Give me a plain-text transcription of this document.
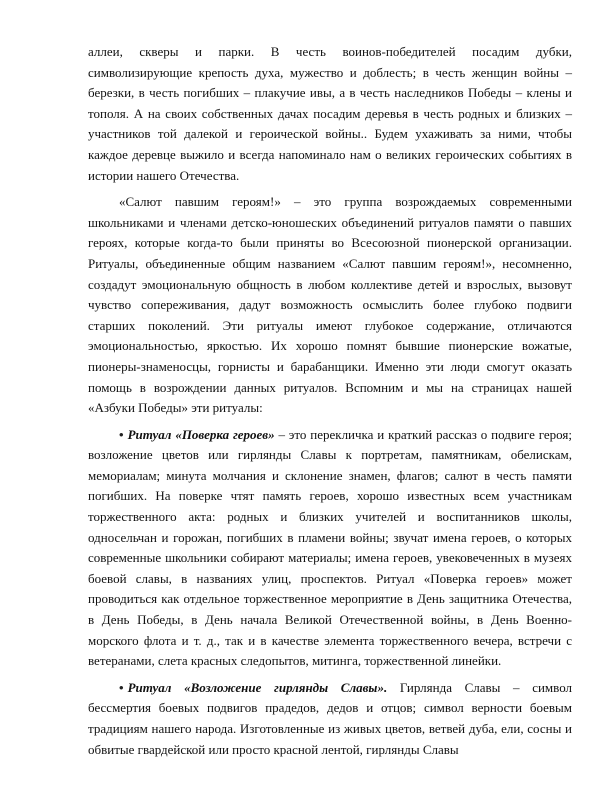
аллеи, скверы и парки. В честь воинов-победителей посадим дубки, символизирующие крепость духа, мужество и доблесть; в честь женщин войны – березки, в честь погибших – плакучие ивы, а в честь наследников Победы – клены и тополя. А на своих собственных дачах посадим деревья в честь родных и близких – участников той далекой и героической войны.. Будем ухаживать за ними, чтобы каждое деревце выжило и всегда напоминало нам о великих героических событиях в истории нашего Отечества.

«Салют павшим героям!» – это группа возрождаемых современными школьниками и членами детско-юношеских объединений ритуалов памяти о павших героях, которые когда-то были приняты во Всесоюзной пионерской организации. Ритуалы, объединенные общим названием «Салют павшим героям!», несомненно, создадут эмоциональную общность в любом коллективе детей и взрослых, вызовут чувство сопереживания, дадут возможность осмыслить более глубоко подвиги старших поколений. Эти ритуалы имеют глубокое содержание, отличаются эмоциональностью, яркостью. Их хорошо помнят бывшие пионерские вожатые, пионеры-знаменосцы, горнисты и барабанщики. Именно эти люди смогут оказать помощь в возрождении данных ритуалов. Вспомним и мы на страницах нашей «Азбуки Победы» эти ритуалы:

• Ритуал «Поверка героев» – это перекличка и краткий рассказ о подвиге героя; возложение цветов или гирлянды Славы к портретам, памятникам, обелискам, мемориалам; минута молчания и склонение знамен, флагов; салют в честь памяти погибших. На поверке чтят память героев, хорошо известных всем участникам торжественного акта: родных и близких учителей и воспитанников школы, односельчан и горожан, погибших в пламени войны; звучат имена героев, о которых современные школьники собирают материалы; имена героев, увековеченных в музеях боевой славы, в названиях улиц, проспектов. Ритуал «Поверка героев» может проводиться как отдельное торжественное мероприятие в День защитника Отечества, в День Победы, в День начала Великой Отечественной войны, в День Военно-морского флота и т. д., так и в качестве элемента торжественного вечера, встречи с ветеранами, слета красных следопытов, митинга, торжественной линейки.

• Ритуал «Возложение гирлянды Славы». Гирлянда Славы – символ бессмертия боевых подвигов прадедов, дедов и отцов; символ верности боевым традициям нашего народа. Изготовленные из живых цветов, ветвей дуба, ели, сосны и обвитые гвардейской или просто красной лентой, гирлянды Славы
